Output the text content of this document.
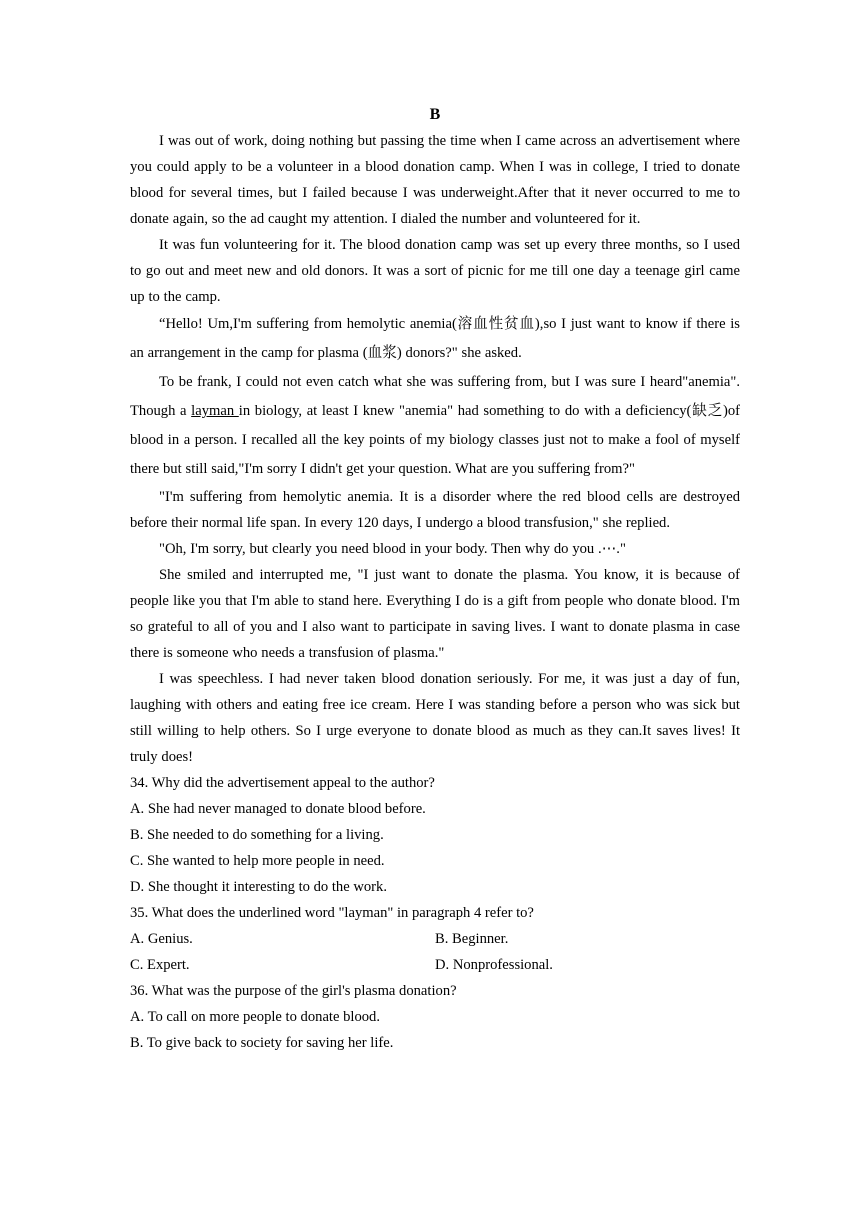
B

I was out of work, doing nothing but passing the time when I came across an advertisement where you could apply to be a volunteer in a blood donation camp. When I was in college, I tried to donate blood for several times, but I failed because I was underweight.After that it never occurred to me to donate again, so the ad caught my attention. I dialed the number and volunteered for it.

It was fun volunteering for it. The blood donation camp was set up every three months, so I used to go out and meet new and old donors. It was a sort of picnic for me till one day a teenage girl came up to the camp.

“Hello! Um,I'm suffering from hemolytic anemia(溶血性贫血),so I just want to know if there is an arrangement in the camp for plasma (血浆) donors?" she asked.

To be frank, I could not even catch what she was suffering from, but I was sure I heard"anemia". Though a layman in biology, at least I knew "anemia" had something to do with a deficiency(缺乏)of blood in a person. I recalled all the key points of my biology classes just not to make a fool of myself there but still said,"I'm sorry I didn't get your question. What are you suffering from?"

"I'm suffering from hemolytic anemia. It is a disorder where the red blood cells are destroyed before their normal life span. In every 120 days, I undergo a blood transfusion," she replied.

"Oh, I'm sorry, but clearly you need blood in your body. Then why do you .⋯."

She smiled and interrupted me, "I just want to donate the plasma. You know, it is because of people like you that I'm able to stand here. Everything I do is a gift from people who donate blood. I'm so grateful to all of you and I also want to participate in saving lives. I want to donate plasma in case there is someone who needs a transfusion of plasma."

I was speechless. I had never taken blood donation seriously. For me, it was just a day of fun, laughing with others and eating free ice cream. Here I was standing before a person who was sick but still willing to help others. So I urge everyone to donate blood as much as they can.It saves lives! It truly does!

34. Why did the advertisement appeal to the author?

A. She had never managed to donate blood before.

B. She needed to do something for a living.

C. She wanted to help more people in need.

D. She thought it interesting to do the work.

35. What does the underlined word "layman" in paragraph 4 refer to?

A. Genius.	B. Beginner.

C. Expert.	D. Nonprofessional.

36. What was the purpose of the girl's plasma donation?

A. To call on more people to donate blood.

B. To give back to society for saving her life.
